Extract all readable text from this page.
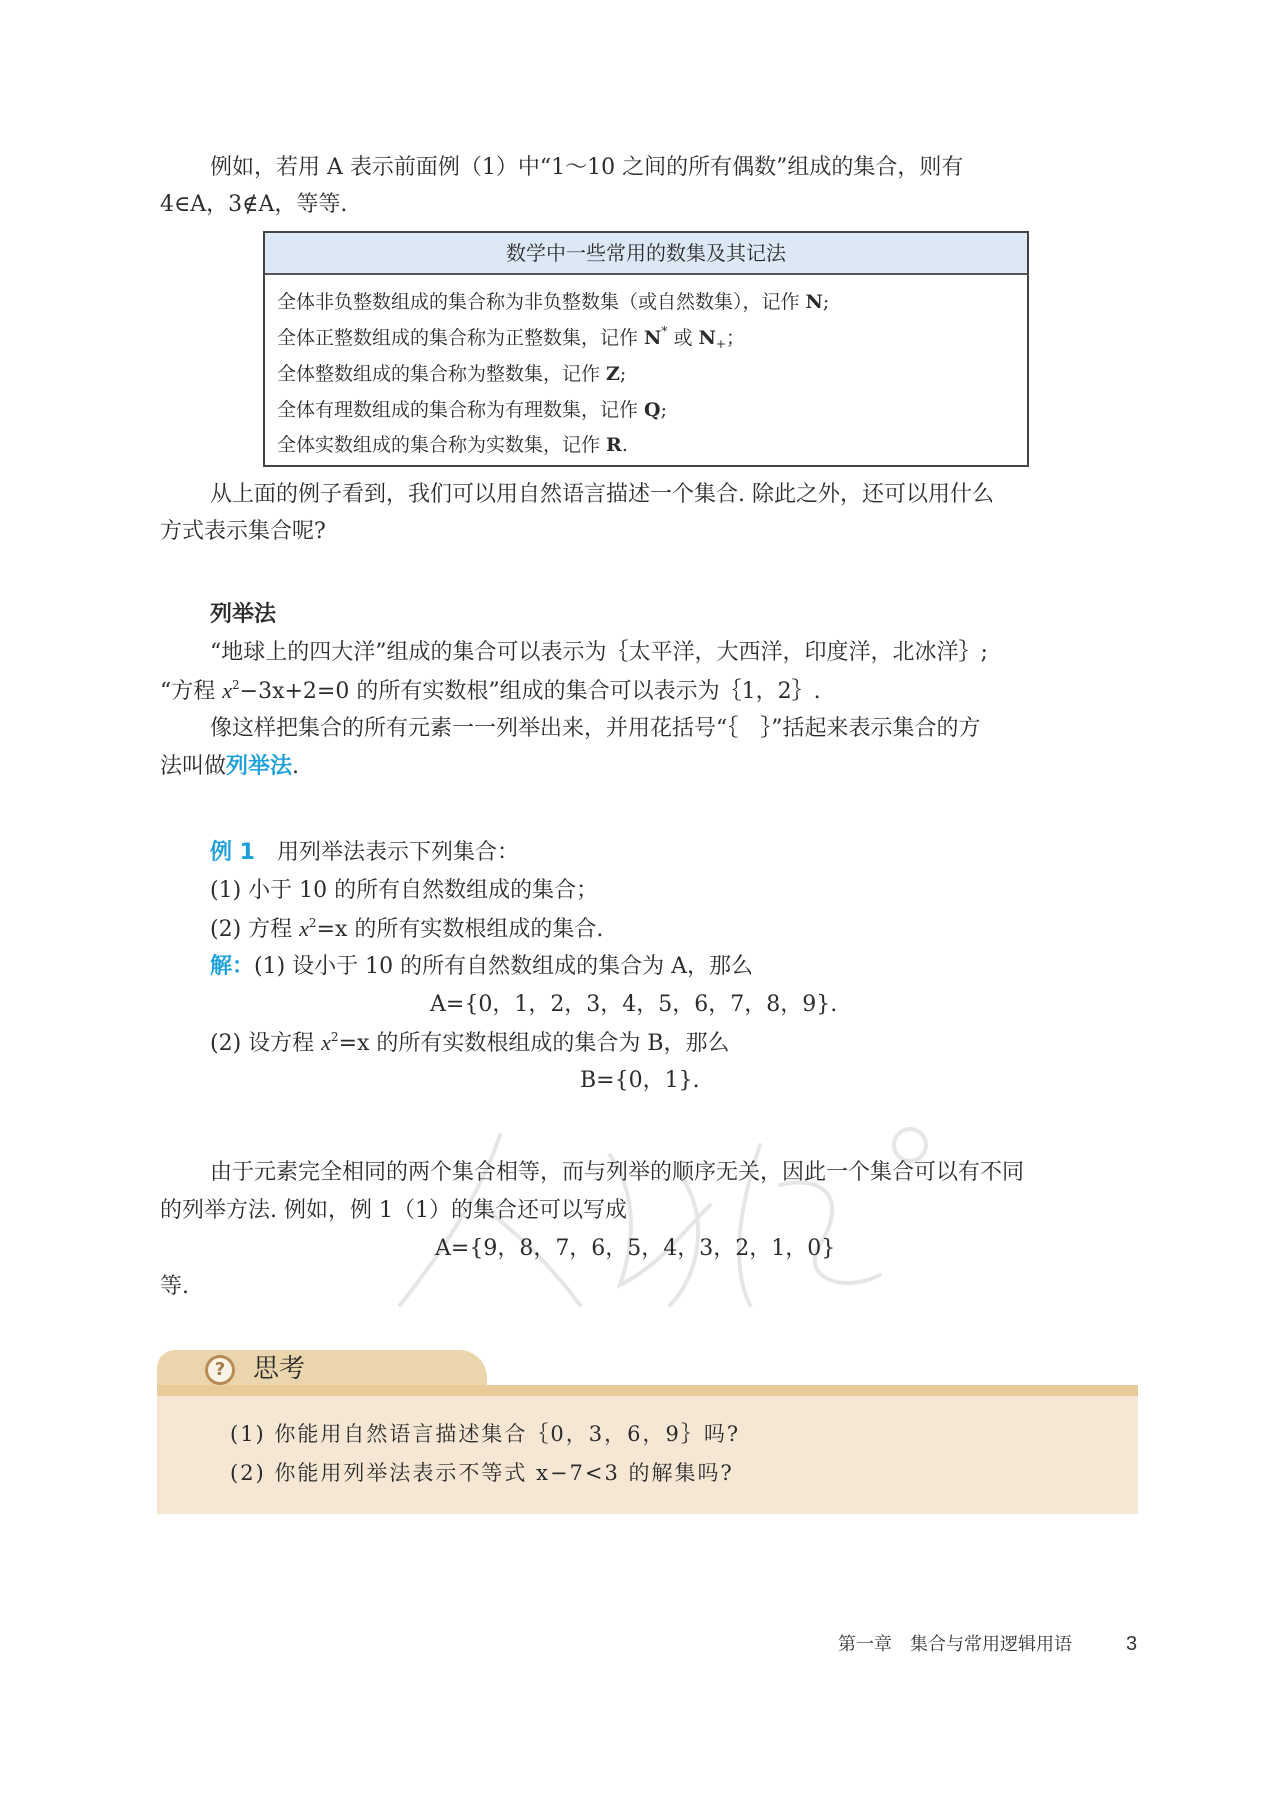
例如，若用 A 表示前面例（1）中“1～10 之间的所有偶数”组成的集合，则有
4∈A，3∉A，等等.
数学中一些常用的数集及其记法
全体非负整数组成的集合称为非负整数集（或自然数集），记作 N;
全体正整数组成的集合称为正整数集，记作 N* 或 $N_+$；
全体整数组成的集合称为整数集，记作 Z;
全体有理数组成的集合称为有理数集，记作 Q;
全体实数组成的集合称为实数集，记作 R.
从上面的例子看到，我们可以用自然语言描述一个集合. 除此之外，还可以用什么
方式表示集合呢?
列举法
“地球上的四大洋”组成的集合可以表示为｛太平洋，大西洋，印度洋，北冰洋｝;
“方程 $x^2-3x+2=0$ 的所有实数根”组成的集合可以表示为｛1，2｝.
像这样把集合的所有元素一一列举出来，并用花括号“｛　｝”括起来表示集合的方
法叫做列举法.
例 1 用列举法表示下列集合：
(1) 小于 10 的所有自然数组成的集合；
(2) 方程 $x^2=x$ 的所有实数根组成的集合.
解：(1) 设小于 10 的所有自然数组成的集合为 A，那么
A={0，1，2，3，4，5，6，7，8，9}.
(2) 设方程 $x^2=x$ 的所有实数根组成的集合为 B，那么
B={0，1}.
由于元素完全相同的两个集合相等，而与列举的顺序无关，因此一个集合可以有不同
的列举方法. 例如，例 1（1）的集合还可以写成
A={9，8，7，6，5，4，3，2，1，0}
等.
?	思考
(1) 你能用自然语言描述集合｛0，3，6，9｝吗?
(2) 你能用列举法表示不等式 x−7<3 的解集吗?
第一章　集合与常用逻辑用语	3
